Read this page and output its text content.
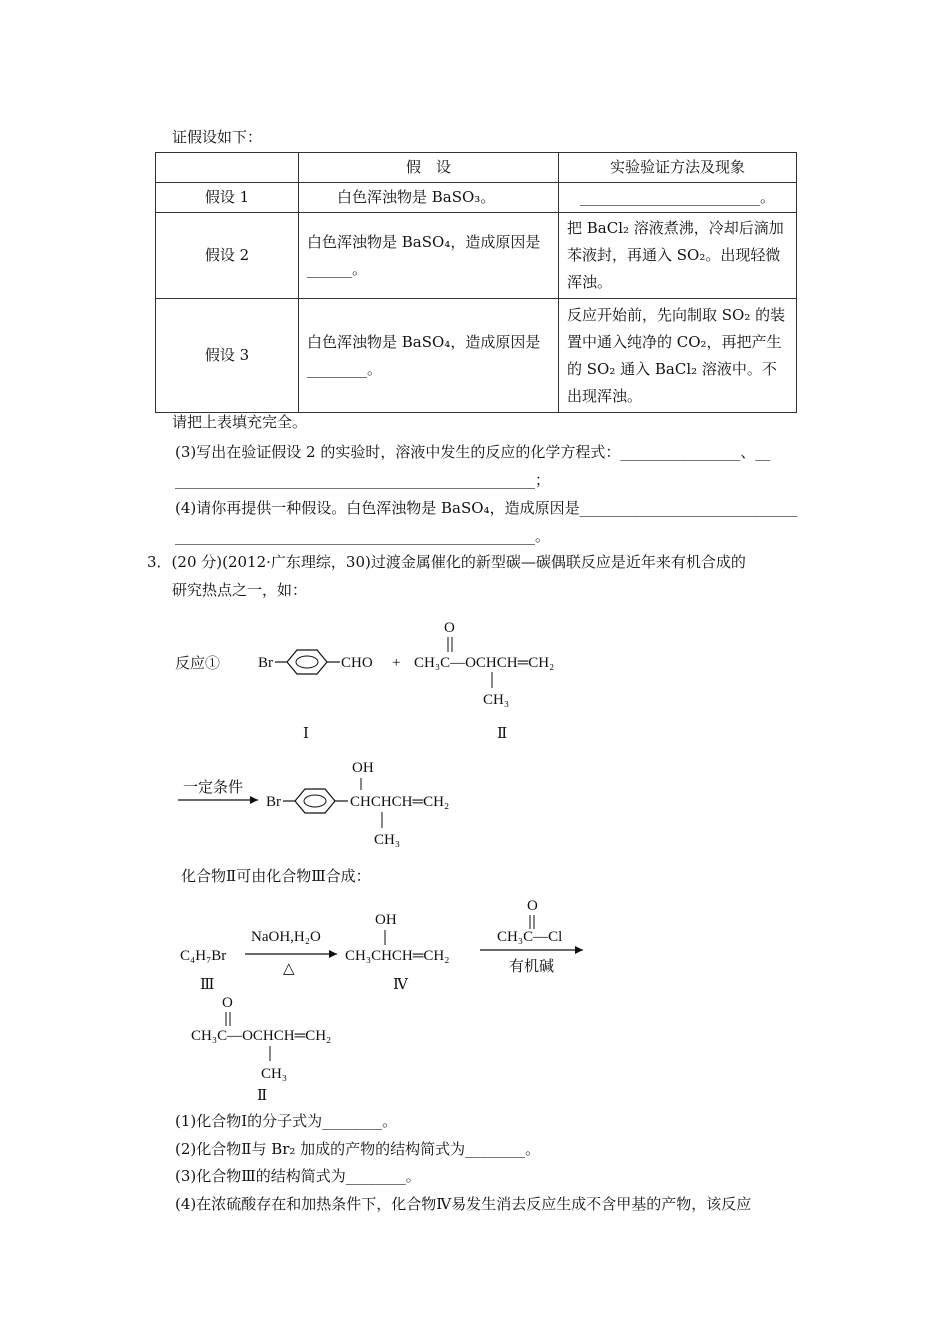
证假设如下：
	假　设	实验验证方法及现象
假设 1	白色浑浊物是 BaSO₃。	________________________。
假设 2	白色浑浊物是 BaSO₄，造成原因是______。	把 BaCl₂ 溶液煮沸，冷却后滴加苯液封，再通入 SO₂。出现轻微浑浊。
假设 3	白色浑浊物是 BaSO₄，造成原因是________。	反应开始前，先向制取 SO₂ 的装置中通入纯净的 CO₂，再把产生的 SO₂ 通入 BaCl₂ 溶液中。不出现浑浊。
请把上表填充完全。
(3)写出在验证假设 2 的实验时，溶液中发生的反应的化学方程式：________________、__
________________________________________________；
(4)请你再提供一种假设。白色浑浊物是 BaSO₄，造成原因是_____________________________
________________________________________________。
3．(20 分)(2012·广东理综，30)过渡金属催化的新型碳—碳偶联反应是近年来有机合成的
研究热点之一，如：
反应①	Br	CHO +
O
CH₃C—OCHCH═CH₂
CH₃
Ⅰ	Ⅱ
一定条件
Br
OH
CHCHCH═CH₂
CH₃
化合物Ⅱ可由化合物Ⅲ合成：
C₄H₇Br
Ⅲ
NaOH,H₂O
△
OH
CH₃CHCH═CH₂
Ⅳ
O
CH₃C—Cl
有机碱
O
CH₃C—OCHCH═CH₂
CH₃
Ⅱ
(1)化合物Ⅰ的分子式为________。
(2)化合物Ⅱ与 Br₂ 加成的产物的结构简式为________。
(3)化合物Ⅲ的结构简式为________。
(4)在浓硫酸存在和加热条件下，化合物Ⅳ易发生消去反应生成不含甲基的产物，该反应
